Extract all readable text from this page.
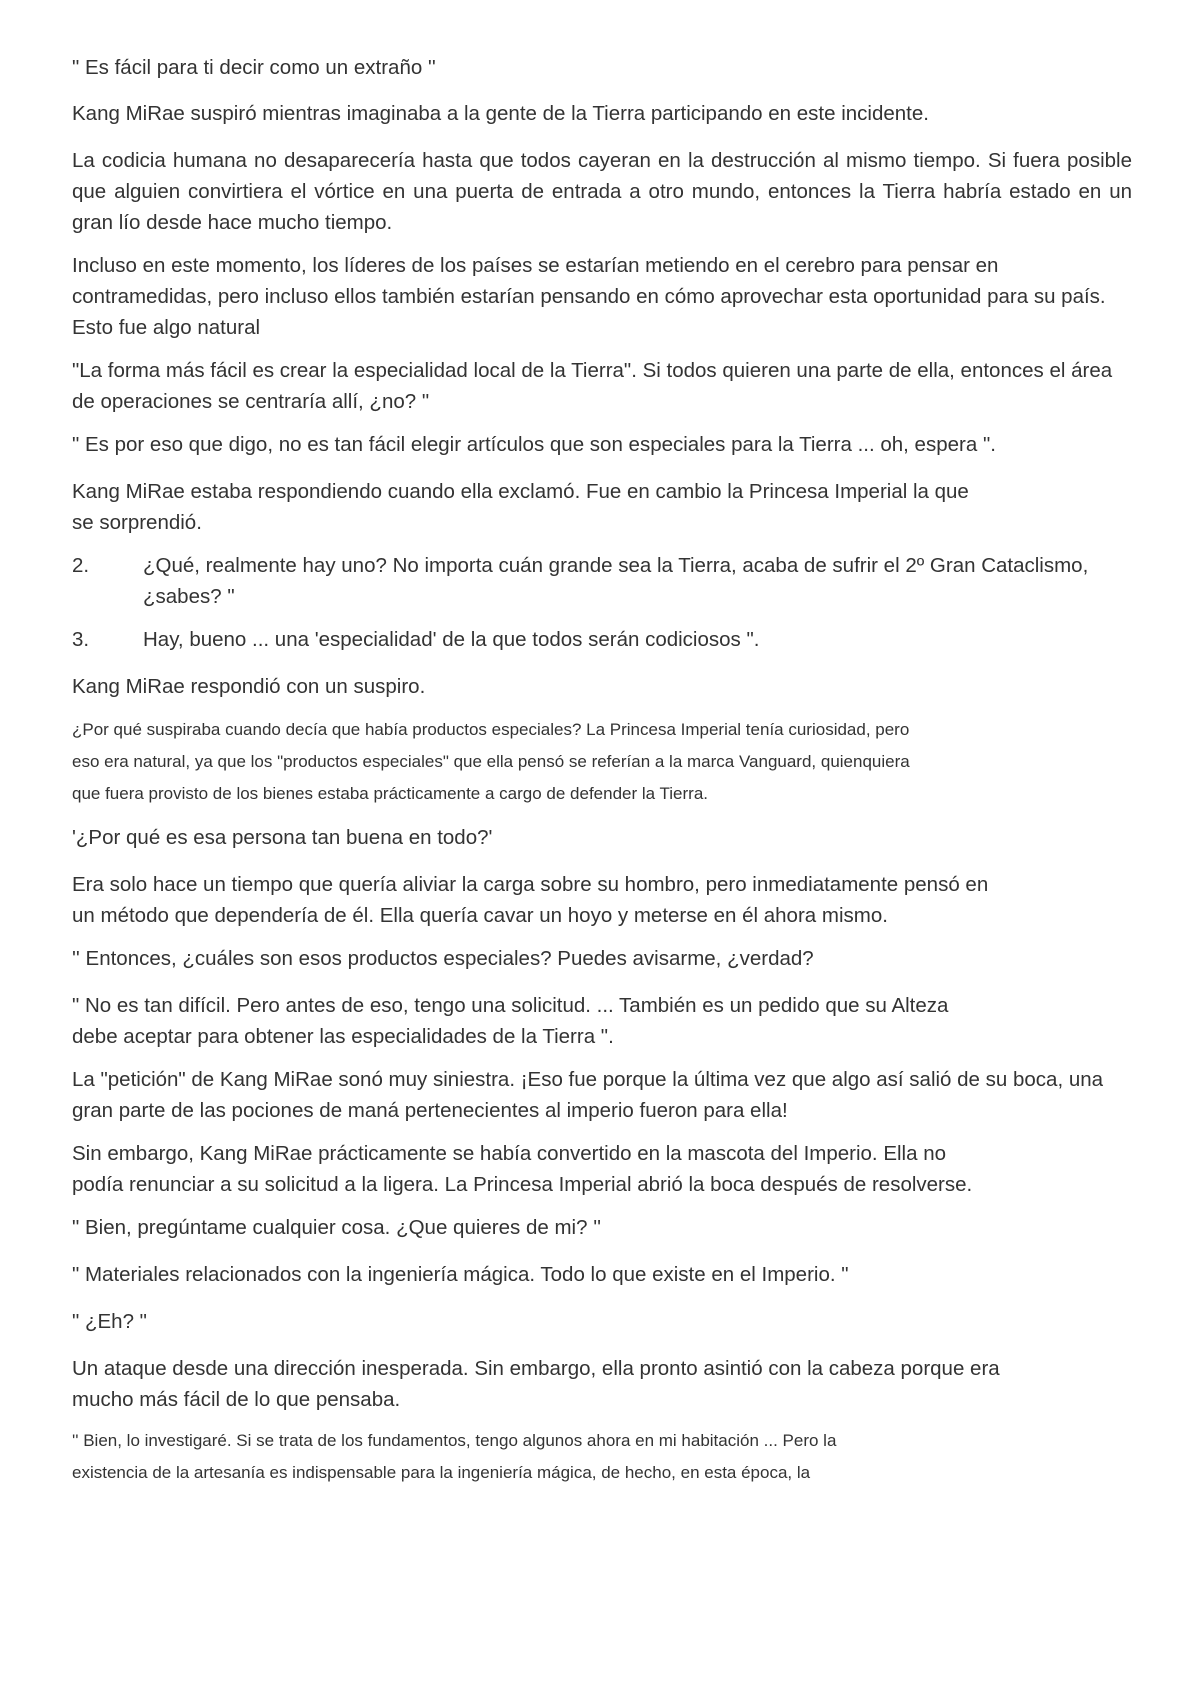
" Es fácil para ti decir como un extraño ''

Kang MiRae suspiró mientras imaginaba a la gente de la Tierra participando en este incidente.

La codicia humana no desaparecería hasta que todos cayeran en la destrucción al mismo tiempo. Si fuera posible que alguien convirtiera el vórtice en una puerta de entrada a otro mundo, entonces la Tierra habría estado en un gran lío desde hace mucho tiempo.

Incluso en este momento, los líderes de los países se estarían metiendo en el cerebro para pensar en contramedidas, pero incluso ellos también estarían pensando en cómo aprovechar esta oportunidad para su país. Esto fue algo natural

"La forma más fácil es crear la especialidad local de la Tierra". Si todos quieren una parte de ella, entonces el área de operaciones se centraría allí, ¿no? "

" Es por eso que digo, no es tan fácil elegir artículos que son especiales para la Tierra ... oh, espera ".

Kang MiRae estaba respondiendo cuando ella exclamó. Fue en cambio la Princesa Imperial la que
se sorprendió.

2.	¿Qué, realmente hay uno? No importa cuán grande sea la Tierra, acaba de sufrir el 2º Gran Cataclismo, ¿sabes? "
3.	Hay, bueno ... una 'especialidad' de la que todos serán codiciosos ".

Kang MiRae respondió con un suspiro.

¿Por qué suspiraba cuando decía que había productos especiales? La Princesa Imperial tenía curiosidad, pero
eso era natural, ya que los "productos especiales" que ella pensó se referían a la marca Vanguard, quienquiera
que fuera provisto de los bienes estaba prácticamente a cargo de defender la Tierra.

'¿Por qué es esa persona tan buena en todo?'

Era solo hace un tiempo que quería aliviar la carga sobre su hombro, pero inmediatamente pensó en
un método que dependería de él. Ella quería cavar un hoyo y meterse en él ahora mismo.

'' Entonces, ¿cuáles son esos productos especiales? Puedes avisarme, ¿verdad?

" No es tan difícil. Pero antes de eso, tengo una solicitud. ... También es un pedido que su Alteza
debe aceptar para obtener las especialidades de la Tierra ".

La "petición" de Kang MiRae sonó muy siniestra. ¡Eso fue porque la última vez que algo así salió de su boca, una gran parte de las pociones de maná pertenecientes al imperio fueron para ella!

Sin embargo, Kang MiRae prácticamente se había convertido en la mascota del Imperio. Ella no
podía renunciar a su solicitud a la ligera. La Princesa Imperial abrió la boca después de resolverse.

" Bien, pregúntame cualquier cosa. ¿Que quieres de mi? ''

" Materiales relacionados con la ingeniería mágica. Todo lo que existe en el Imperio. "

" ¿Eh? "

Un ataque desde una dirección inesperada. Sin embargo, ella pronto asintió con la cabeza porque era
mucho más fácil de lo que pensaba.

'' Bien, lo investigaré. Si se trata de los fundamentos, tengo algunos ahora en mi habitación ... Pero la
existencia de la artesanía es indispensable para la ingeniería mágica, de hecho, en esta época, la
